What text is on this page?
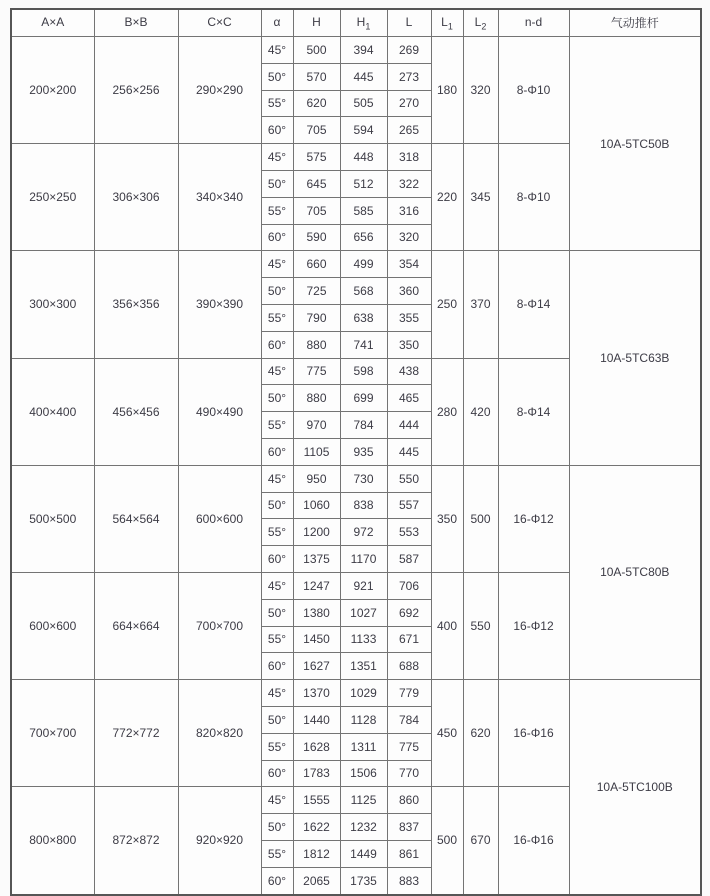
A×A	B×B	C×C	α	H	$H_1$	L	$L_1$	$L_2$	n-d	气动推杆
200×200	256×256	290×290	45°	500	394	269	180	320	8-Φ10	10A-5TC50B
			50°	570	445	273				
			55°	620	505	270				
			60°	705	594	265				
250×250	306×306	340×340	45°	575	448	318	220	345	8-Φ10	
			50°	645	512	322				
			55°	705	585	316				
			60°	590	656	320				
300×300	356×356	390×390	45°	660	499	354	250	370	8-Φ14	10A-5TC63B
			50°	725	568	360				
			55°	790	638	355				
			60°	880	741	350				
400×400	456×456	490×490	45°	775	598	438	280	420	8-Φ14	
			50°	880	699	465				
			55°	970	784	444				
			60°	1105	935	445				
500×500	564×564	600×600	45°	950	730	550	350	500	16-Φ12	10A-5TC80B
			50°	1060	838	557				
			55°	1200	972	553				
			60°	1375	1170	587				
600×600	664×664	700×700	45°	1247	921	706	400	550	16-Φ12	
			50°	1380	1027	692				
			55°	1450	1133	671				
			60°	1627	1351	688				
700×700	772×772	820×820	45°	1370	1029	779	450	620	16-Φ16	10A-5TC100B
			50°	1440	1128	784				
			55°	1628	1311	775				
			60°	1783	1506	770				
800×800	872×872	920×920	45°	1555	1125	860	500	670	16-Φ16	
			50°	1622	1232	837				
			55°	1812	1449	861				
			60°	2065	1735	883				
